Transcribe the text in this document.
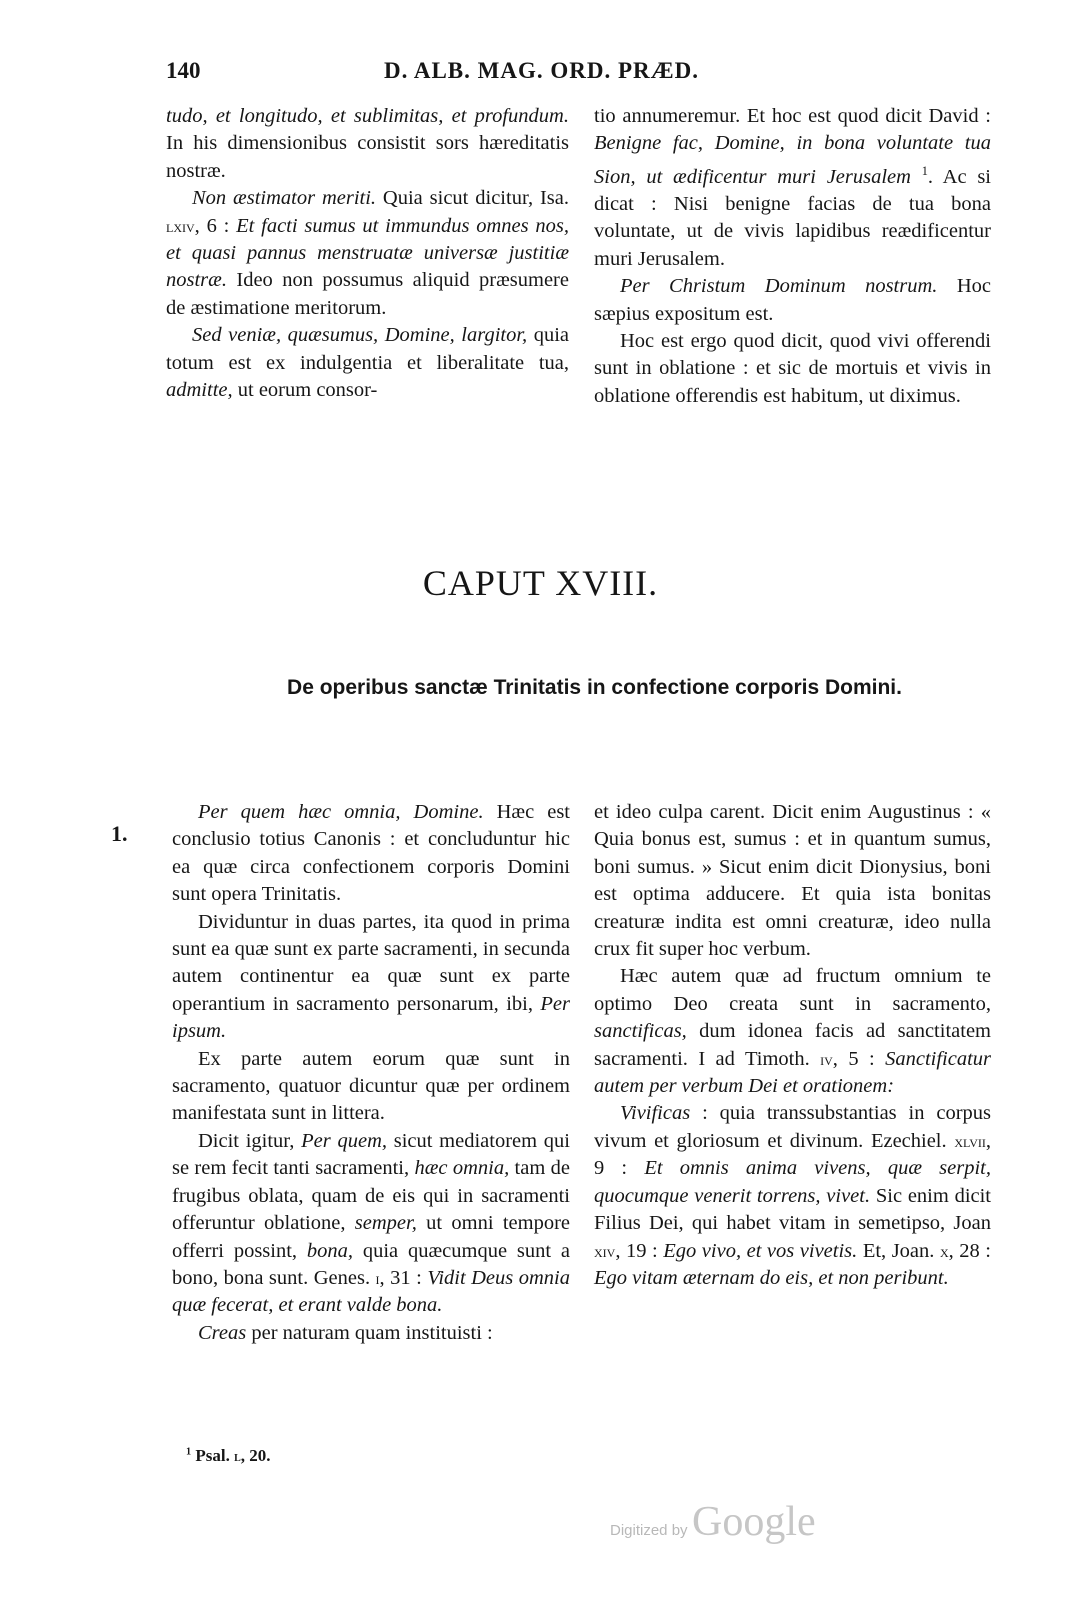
140	D. ALB. MAG. ORD. PRÆD.

tudo, et longitudo, et sublimitas, et profundum. In his dimensionibus consistit sors hæreditatis nostræ.

Non æstimator meriti. Quia sicut dicitur, Isa. lxiv, 6 : Et facti sumus ut immundus omnes nos, et quasi pannus menstruatæ universæ justitiæ nostræ. Ideo non possumus aliquid præsumere de æstimatione meritorum.

Sed veniæ, quæsumus, Domine, largitor, quia totum est ex indulgentia et liberalitate tua, admitte, ut eorum consor-

tio annumeremur. Et hoc est quod dicit David : Benigne fac, Domine, in bona voluntate tua Sion, ut ædificentur muri Jerusalem $^1$. Ac si dicat : Nisi benigne facias de tua bona voluntate, ut de vivis lapidibus reædificentur muri Jerusalem.

Per Christum Dominum nostrum. Hoc sæpius expositum est.

Hoc est ergo quod dicit, quod vivi offerendi sunt in oblatione : et sic de mortuis et vivis in oblatione offerendis est habitum, ut diximus.

CAPUT XVIII.
De operibus sanctæ Trinitatis in confectione corporis Domini.
1.

Per quem hæc omnia, Domine. Hæc est conclusio totius Canonis : et concluduntur hic ea quæ circa confectionem corporis Domini sunt opera Trinitatis.

Dividuntur in duas partes, ita quod in prima sunt ea quæ sunt ex parte sacramenti, in secunda autem continentur ea quæ sunt ex parte operantium in sacramento personarum, ibi, Per ipsum.

Ex parte autem eorum quæ sunt in sacramento, quatuor dicuntur quæ per ordinem manifestata sunt in littera.

Dicit igitur, Per quem, sicut mediatorem qui se rem fecit tanti sacramenti, hæc omnia, tam de frugibus oblata, quam de eis qui in sacramenti offeruntur oblatione, semper, ut omni tempore offerri possint, bona, quia quæcumque sunt a bono, bona sunt. Genes. i, 31 : Vidit Deus omnia quæ fecerat, et erant valde bona.

Creas per naturam quam instituisti :

et ideo culpa carent. Dicit enim Augustinus : « Quia bonus est, sumus : et in quantum sumus, boni sumus. » Sicut enim dicit Dionysius, boni est optima adducere. Et quia ista bonitas creaturæ indita est omni creaturæ, ideo nulla crux fit super hoc verbum.

Hæc autem quæ ad fructum omnium te optimo Deo creata sunt in sacramento, sanctificas, dum idonea facis ad sanctitatem sacramenti. I ad Timoth. iv, 5 : Sanctificatur autem per verbum Dei et orationem:

Vivificas : quia transsubstantias in corpus vivum et gloriosum et divinum. Ezechiel. xlvii, 9 : Et omnis anima vivens, quæ serpit, quocumque venerit torrens, vivet. Sic enim dicit Filius Dei, qui habet vitam in semetipso, Joan xiv, 19 : Ego vivo, et vos vivetis. Et, Joan. x, 28 : Ego vitam æternam do eis, et non peribunt.

$^1$ Psal. l, 20.
Digitized by Google
